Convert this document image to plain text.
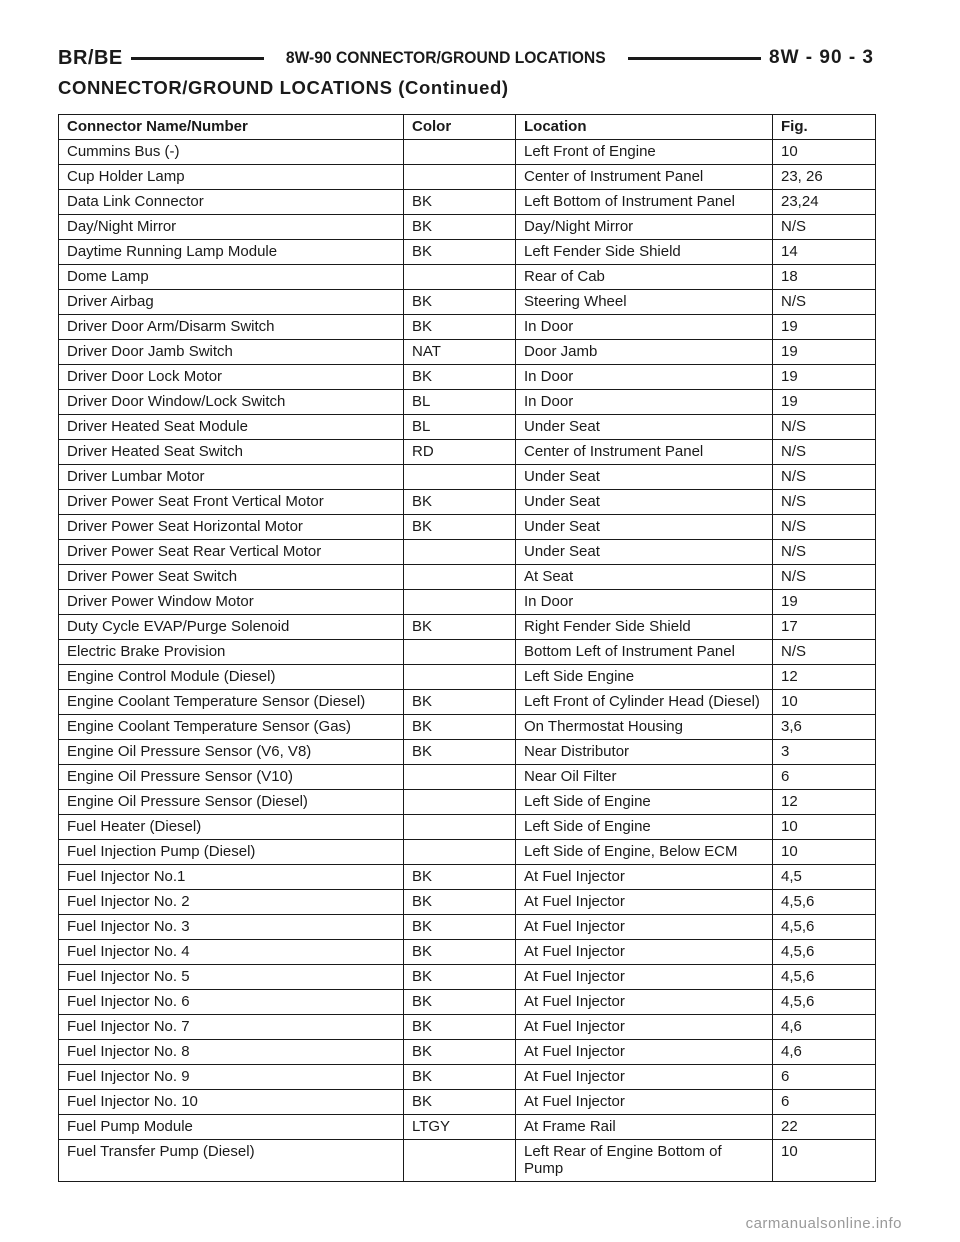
BR/BE	8W-90 CONNECTOR/GROUND LOCATIONS	8W - 90 - 3
CONNECTOR/GROUND LOCATIONS (Continued)
Connector Name/Number	Color	Location	Fig.
Cummins Bus (-)		Left Front of Engine	10
Cup Holder Lamp		Center of Instrument Panel	23, 26
Data Link Connector	BK	Left Bottom of Instrument Panel	23,24
Day/Night Mirror	BK	Day/Night Mirror	N/S
Daytime Running Lamp Module	BK	Left Fender Side Shield	14
Dome Lamp		Rear of Cab	18
Driver Airbag	BK	Steering Wheel	N/S
Driver Door Arm/Disarm Switch	BK	In Door	19
Driver Door Jamb Switch	NAT	Door Jamb	19
Driver Door Lock Motor	BK	In Door	19
Driver Door Window/Lock Switch	BL	In Door	19
Driver Heated Seat Module	BL	Under Seat	N/S
Driver Heated Seat Switch	RD	Center of Instrument Panel	N/S
Driver Lumbar Motor		Under Seat	N/S
Driver Power Seat Front Vertical Motor	BK	Under Seat	N/S
Driver Power Seat Horizontal Motor	BK	Under Seat	N/S
Driver Power Seat Rear Vertical Motor		Under Seat	N/S
Driver Power Seat Switch		At Seat	N/S
Driver Power Window Motor		In Door	19
Duty Cycle EVAP/Purge Solenoid	BK	Right Fender Side Shield	17
Electric Brake Provision		Bottom Left of Instrument Panel	N/S
Engine Control Module (Diesel)		Left Side Engine	12
Engine Coolant Temperature Sensor (Diesel)	BK	Left Front of Cylinder Head (Diesel)	10
Engine Coolant Temperature Sensor (Gas)	BK	On Thermostat Housing	3,6
Engine Oil Pressure Sensor (V6, V8)	BK	Near Distributor	3
Engine Oil Pressure Sensor (V10)		Near Oil Filter	6
Engine Oil Pressure Sensor (Diesel)		Left Side of Engine	12
Fuel Heater (Diesel)		Left Side of Engine	10
Fuel Injection Pump (Diesel)		Left Side of Engine, Below ECM	10
Fuel Injector No.1	BK	At Fuel Injector	4,5
Fuel Injector No. 2	BK	At Fuel Injector	4,5,6
Fuel Injector No. 3	BK	At Fuel Injector	4,5,6
Fuel Injector No. 4	BK	At Fuel Injector	4,5,6
Fuel Injector No. 5	BK	At Fuel Injector	4,5,6
Fuel Injector No. 6	BK	At Fuel Injector	4,5,6
Fuel Injector No. 7	BK	At Fuel Injector	4,6
Fuel Injector No. 8	BK	At Fuel Injector	4,6
Fuel Injector No. 9	BK	At Fuel Injector	6
Fuel Injector No. 10	BK	At Fuel Injector	6
Fuel Pump Module	LTGY	At Frame Rail	22
Fuel Transfer Pump (Diesel)		Left Rear of Engine Bottom of Pump	10
carmanualsonline.info
